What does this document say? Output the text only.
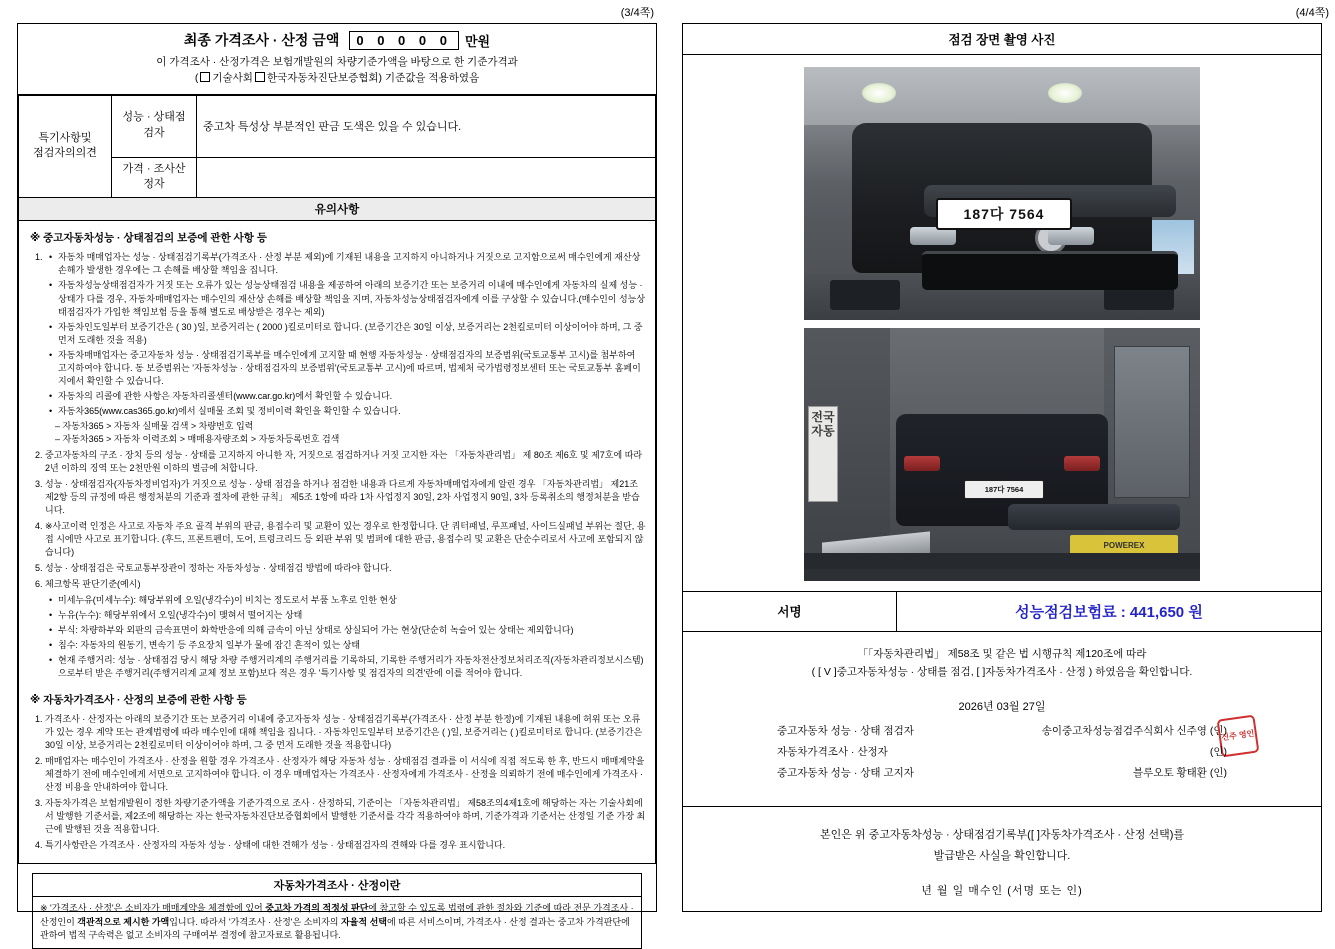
(3/4쪽)
최종 가격조사 · 산정 금액	0 0 0 0 0	만원
이 가격조사 · 산정가격은 보험개발원의 차량기준가액을 바탕으로 한 기준가격과
( 기술사회 한국자동차진단보증협회) 기준값을 적용하였음
특기사항및
점검자의의견	성능 · 상태점검자	중고차 특성상 부분적인 판금 도색은 있을 수 있습니다.
	가격 · 조사산정자	
유의사항
※ 중고자동차성능 · 상태점검의 보증에 관한 사항 등
• 1. 자동차 매매업자는 성능 · 상태점검기록부(가격조사 · 산정 부분 제외)에 기재된 내용을 고지하지 아니하거나 거짓으로 고지함으로써 매수인에게 재산상 손해가 발생한 경우에는 그 손해를 배상할 책임을 집니다.
• 자동차성능상태점검자가 거짓 또는 오류가 있는 성능상태점검 내용을 제공하여 아래의 보증기간 또는 보증거리 이내에 매수인에게 자동차의 실제 성능 · 상태가 다를 경우, 자동차매매업자는 매수인의 재산상 손해를 배상할 책임을 지며, 자동차성능상태점검자에게 이를 구상할 수 있습니다.(매수인이 성능상태점검자가 가입한 책임보험 등을 통해 별도로 배상받은 경우는 제외)
• 자동차인도일부터 보증기간은 ( 30 )일, 보증거리는 ( 2000 )킬로미터로 합니다. (보증기간은 30일 이상, 보증거리는 2천킬로미터 이상이어야 하며, 그 중 먼저 도래한 것을 적용)
• 자동차매매업자는 중고자동차 성능 · 상태점검기록부를 매수인에게 고지할 때 현행 자동차성능 · 상태점검자의 보증범위(국토교통부 고시)를 첨부하여 고지하여야 합니다. 동 보증범위는 '자동차성능 · 상태점검자의 보증범위'(국토교통부 고시)에 따르며, 법제처 국가법령정보센터 또는 국토교통부 홈페이지에서 확인할 수 있습니다.
• 자동차의 리콜에 관한 사항은 자동차리콜센터(www.car.go.kr)에서 확인할 수 있습니다.
• 자동차365(www.cas365.go.kr)에서 실매물 조회 및 정비이력 확인을 확인할 수 있습니다.
– 자동차365 > 자동차 실매물 검색 > 차량번호 입력
– 자동차365 > 자동차 이력조회 > 매매용자량조회 > 자동차등록번호 검색
2. 중고자동차의 구조 · 장치 등의 성능 · 상태를 고지하지 아니한 자, 거짓으로 점검하거나 거짓 고지한 자는 「자동차관리법」 제 80조 제6호 및 제7호에 따라 2년 이하의 징역 또는 2천만원 이하의 벌금에 처합니다.
3. 성능 · 상태점검자(자동차정비업자)가 거짓으로 성능 · 상태 점검을 하거나 점검한 내용과 다르게 자동차매매업자에게 알린 경우 「자동차관리법」 제21조 제2항 등의 규정에 따른 행정처분의 기준과 절차에 관한 규칙」 제5조 1항에 따라 1차 사업정지 30일, 2차 사업정지 90일, 3차 등록취소의 행정처분을 받습니다.
4. ※사고이력 인정은 사고로 자동차 주요 골격 부위의 판금, 용접수리 및 교환이 있는 경우로 한정합니다. 단 쿼터패널, 루프패널, 사이드실패널 부위는 절단, 용접 시에만 사고로 표기합니다. (후드, 프론트펜더, 도어, 트렁크리드 등 외판 부위 및 범퍼에 대한 판금, 용접수리 및 교환은 단순수리로서 사고에 포함되지 않습니다)
5. 성능 · 상태점검은 국토교통부장관이 정하는 자동차성능 · 상태점검 방법에 따라야 합니다.
6. 체크항목 판단기준(예시)
• 미세누유(미세누수): 해당부위에 오일(냉각수)이 비치는 정도로서 부품 노후로 인한 현상
• 누유(누수): 해당부위에서 오일(냉각수)이 맺혀서 떨어지는 상태
• 부식: 차량하부와 외판의 금속표면이 화학반응에 의해 금속이 아닌 상태로 상실되어 가는 현상(단순히 녹슬어 있는 상태는 제외합니다)
• 침수: 자동차의 원동기, 변속기 등 주요장치 일부가 물에 잠긴 흔적이 있는 상태
• 현재 주행거리: 성능 · 상태점검 당시 해당 차량 주행거리계의 주행거리를 기록하되, 기록한 주행거리가 자동차전산정보처리조직(자동차관리정보시스템)으로부터 받은 주행거리(주행거리계 교체 정보 포함)보다 적은 경우 '특기사항 및 점검자의 의견'란에 이를 적어야 합니다.
※ 자동차가격조사 · 산정의 보증에 관한 사항 등
1. 가격조사 · 산정자는 아래의 보증기간 또는 보증거리 이내에 중고자동차 성능 · 상태점검기록부(가격조사 · 산정 부분 한정)에 기재된 내용에 허위 또는 오류가 있는 경우 계약 또는 관계법령에 따라 매수인에 대해 책임을 집니다. · 자동차인도일부터 보증기간은 ( )일, 보증거리는 ( )킬로미터로 합니다. (보증기간은 30일 이상, 보증거리는 2천킬로미터 이상이어야 하며, 그 중 먼저 도래한 것을 적용합니다)
2. 매매업자는 매수인이 가격조사 · 산정을 원할 경우 가격조사 · 산정자가 해당 자동차 성능 · 상태점검 결과를 이 서식에 직접 적도록 한 후, 반드시 매매계약을 체결하기 전에 매수인에게 서면으로 고지하여야 합니다. 이 경우 매매업자는 가격조사 · 산정자에게 가격조사 · 산정을 의뢰하기 전에 매수인에게 가격조사 · 산정 비용을 안내하여야 합니다.
3. 자동차가격은 보험개발원이 정한 차량기준가액을 기준가격으로 조사 · 산정하되, 기준이는 「자동차관리법」 제58조의4제1호에 해당하는 자는 기술사회에서 발행한 기준서를, 제2조에 해당하는 자는 한국자동차진단보증협회에서 발행한 기준서를 각각 적용하여야 하며, 기준가격과 기준서는 산정일 기준 가장 최근에 발행된 것을 적용합니다.
4. 특기사항란은 가격조사 · 산정자의 자동차 성능 · 상태에 대한 견해가 성능 · 상태점검자의 견해와 다를 경우 표시합니다.
자동차가격조사 · 산정이란
※ '가격조사 · 산정'은 소비자가 매매계약을 체결함에 있어 중고차 가격의 적정성 판단에 참고할 수 있도록 법령에 관한 절차와 기준에 따라 전문 가격조사 · 산정인이 객관적으로 제시한 가액입니다. 따라서 '가격조사 · 산정'은 소비자의 자율적 선택에 따른 서비스이며, 가격조사 · 산정 결과는 중고차 가격판단에 관하여 법적 구속력은 없고 소비자의 구매여부 결정에 참고자료로 활용됩니다.
(4/4쪽)
점검 장면 촬영 사진
187다 7564
전국자동
187다 7564
POWEREX
서명	성능점검보험료 : 441,650 원
「「자동차관리법」 제58조 및 같은 법 시행규칙 제120조에 따라
( [ V ]중고자동차성능 · 상태를 점검, [ ]자동차가격조사 · 산정 ) 하였음을 확인합니다.
2026년 03월 27일
중고자동차 성능 · 상태 점검자	송이중고차성능점검주식회사 신주영 (인)
신주 영인
자동차가격조사 · 산정자	(인)
중고자동차 성능 · 상태 고지자	블루오토 황태환 (인)
본인은 위 중고자동차성능 · 상태점검기록부([ ]자동차가격조사 · 산정 선택)를
발급받은 사실을 확인합니다.
년 월 일 매수인 (서명 또는 인)
